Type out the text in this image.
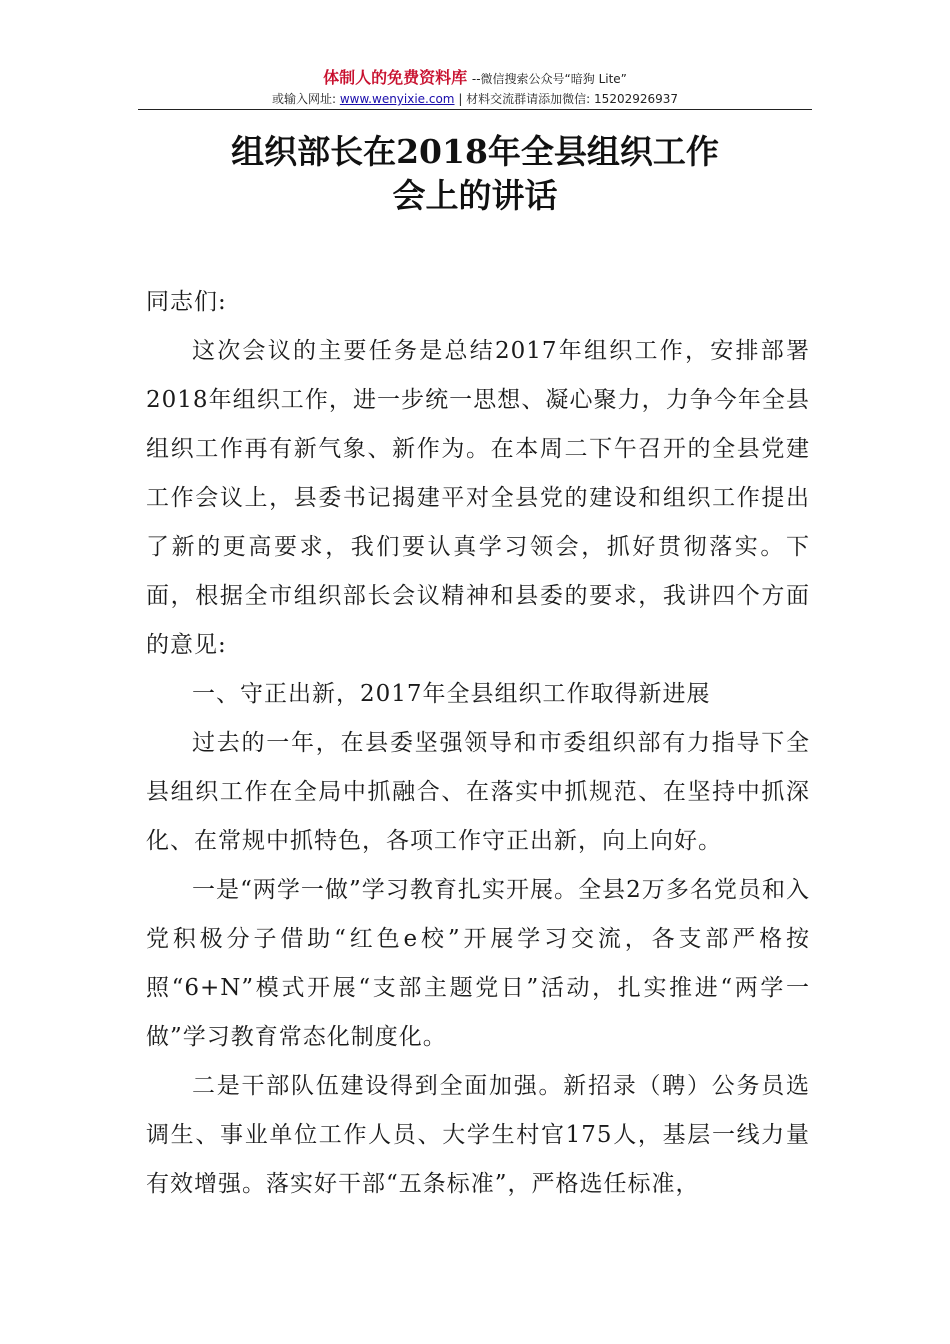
体制人的免费资料库 --微信搜索公众号“暗狗 Lite”
或输入网址: www.wenyixie.com | 材料交流群请添加微信: 15202926937
组织部长在2018年全县组织工作
会上的讲话

同志们:

这次会议的主要任务是总结2017年组织工作，安排部署2018年组织工作，进一步统一思想、凝心聚力，力争今年全县组织工作再有新气象、新作为。在本周二下午召开的全县党建工作会议上，县委书记揭建平对全县党的建设和组织工作提出了新的更高要求，我们要认真学习领会，抓好贯彻落实。下面，根据全市组织部长会议精神和县委的要求，我讲四个方面的意见:

一、守正出新，2017年全县组织工作取得新进展

过去的一年，在县委坚强领导和市委组织部有力指导下全县组织工作在全局中抓融合、在落实中抓规范、在坚持中抓深化、在常规中抓特色，各项工作守正出新，向上向好。

一是“两学一做”学习教育扎实开展。全县2万多名党员和入党积极分子借助“红色e校”开展学习交流，各支部严格按照“6+N”模式开展“支部主题党日”活动，扎实推进“两学一做”学习教育常态化制度化。

二是干部队伍建设得到全面加强。新招录（聘）公务员选调生、事业单位工作人员、大学生村官175人，基层一线力量有效增强。落实好干部“五条标准”，严格选任标准，
